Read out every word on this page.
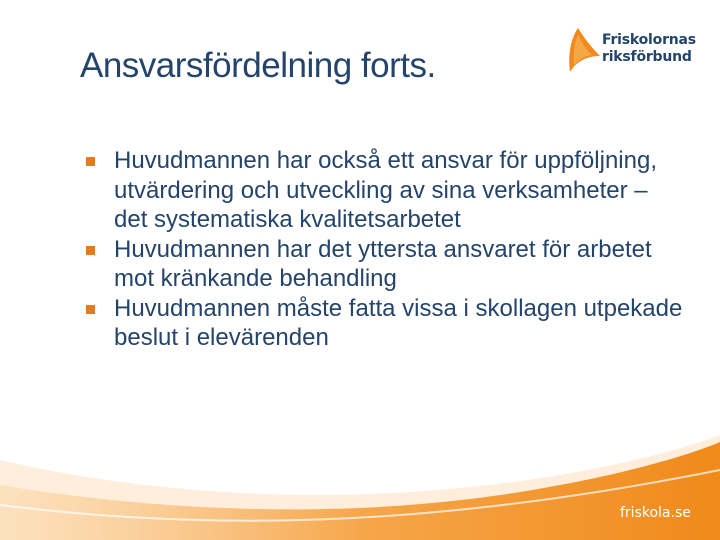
Ansvarsfördelning forts.
Friskolornas
riksförbund
Huvudmannen har också ett ansvar för uppföljning, utvärdering och utveckling av sina verksamheter – det systematiska kvalitetsarbetet
Huvudmannen har det yttersta ansvaret för arbetet mot kränkande behandling
Huvudmannen måste fatta vissa i skollagen utpekade beslut i elevärenden
friskola.se
